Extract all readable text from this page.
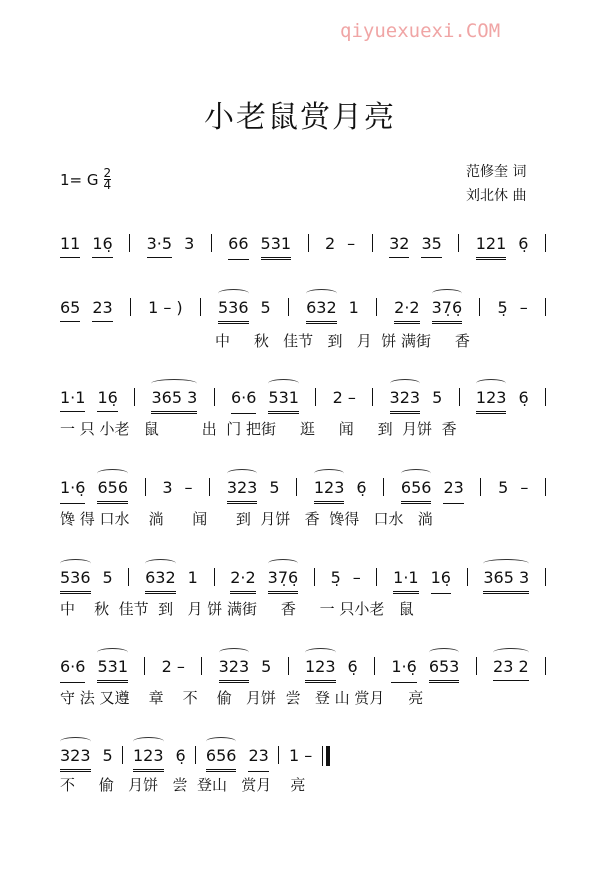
qiyuexuexi.COM
小老鼠赏月亮
1= G $\frac{2}{4}$	范修奎 词
刘北休 曲
11 16̣ 3·5 3 66 531 2 – 32 35 121 6̣
65 23 1 – ) 536 5 632 1 2·2 37̣6̣ 5̣ –
中     秋   佳节   到   月  饼 满街     香
1·1 16̣ 365 3 6·6 531 2 – 323 5 123 6̣
一 只 小老   鼠         出  门 把街     逛     闻     到  月饼  香
1·6̣ 656 3 – 323 5 123 6̣ 656 23 5 –
馋 得 口水    淌      闻      到  月饼   香  馋得   口水   淌
536 5 632 1 2·2 37̣6̣ 5̣ – 1·1 16̣ 365 3
中    秋  佳节  到   月 饼 满街     香     一 只小老   鼠
6·6 531 2 – 323 5 123 6̣ 1·6̣ 653 23 2
守 法 又遵    章    不    偷   月饼  尝   登 山 赏月     亮
323 5 123 6̣ 656 23 1 –
不     偷   月饼   尝  登山   赏月    亮
